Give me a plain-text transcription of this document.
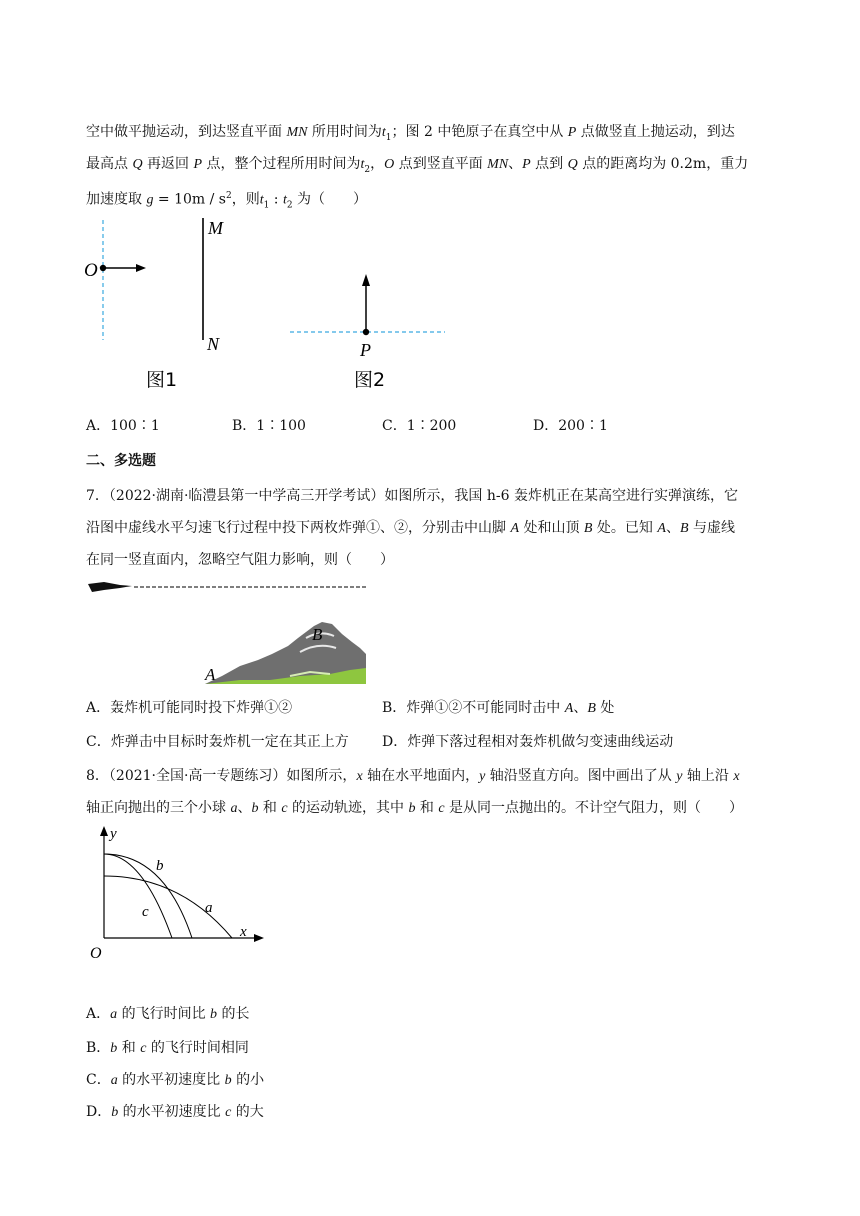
空中做平抛运动，到达竖直平面 MN 所用时间为$t_1$；图 2 中铯原子在真空中从 P 点做竖直上抛运动，到达
最高点 Q 再返回 P 点，整个过程所用时间为$t_2$，O 点到竖直平面 MN、P 点到 Q 点的距离均为 0.2m，重力
加速度取 $g = 10m / s^2$，则$t_1$ : $t_2$ 为（　　）
O
M
N
图1
P
图2
A．100∶1	B．1∶100	C．1∶200	D．200∶1
二、多选题
7．（2022·湖南·临澧县第一中学高三开学考试）如图所示，我国 h-6 轰炸机正在某高空进行实弹演练，它
沿图中虚线水平匀速飞行过程中投下两枚炸弹①、②，分别击中山脚 A 处和山顶 B 处。已知 A、B 与虚线
在同一竖直面内，忽略空气阻力影响，则（　　）
B
A
A．轰炸机可能同时投下炸弹①②	B．炸弹①②不可能同时击中 A、B 处
C．炸弹击中目标时轰炸机一定在其正上方 D．炸弹下落过程相对轰炸机做匀变速曲线运动
8．（2021·全国·高一专题练习）如图所示，x 轴在水平地面内，y 轴沿竖直方向。图中画出了从 y 轴上沿 x
轴正向抛出的三个小球 a、b 和 c 的运动轨迹，其中 b 和 c 是从同一点抛出的。不计空气阻力，则（　　）
y
x
O
b
c	a
A．a 的飞行时间比 b 的长
B．b 和 c 的飞行时间相同
C．a 的水平初速度比 b 的小
D．b 的水平初速度比 c 的大
